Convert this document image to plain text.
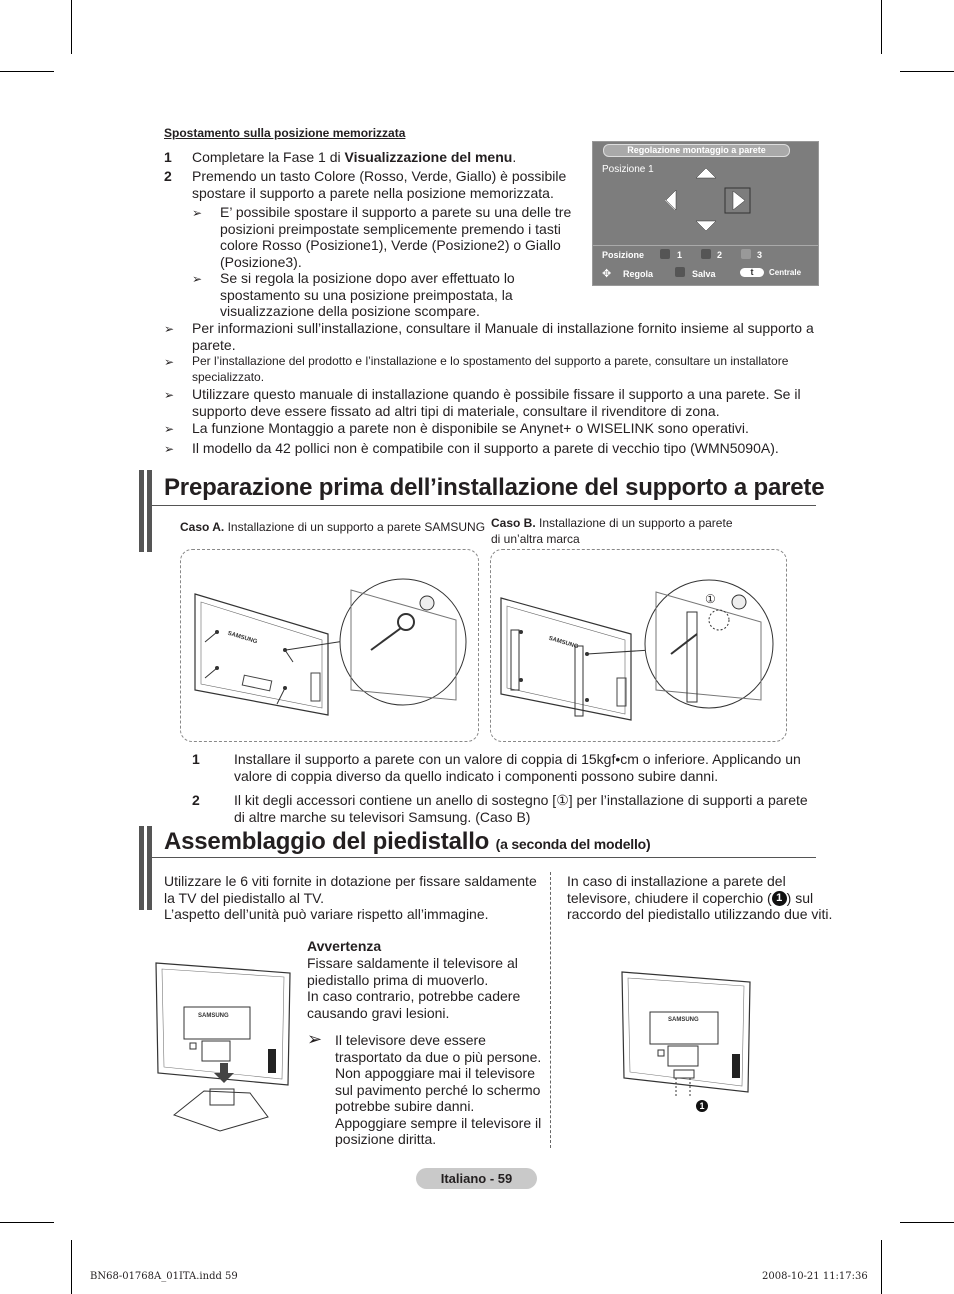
Spostamento sulla posizione memorizzata
1 Completare la Fase 1 di Visualizzazione del menu.
2 Premendo un tasto Colore (Rosso, Verde, Giallo) è possibile
spostare il supporto a parete nella posizione memorizzata.
➢ E’ possibile spostare il supporto a parete su una delle tre
posizioni preimpostate semplicemente premendo i tasti
colore Rosso (Posizione1), Verde (Posizione2) o Giallo
(Posizione3).
➢ Se si regola la posizione dopo aver effettuato lo
spostamento su una posizione preimpostata, la
visualizzazione della posizione scompare.
Regolazione montaggio a parete
Posizione 1
Posizione	1	2	3
✥ Regola	Salva	t	Centrale
➢ Per informazioni sull’installazione, consultare il Manuale di installazione fornito insieme al supporto a
parete.
➢ Per l’installazione del prodotto e l’installazione e lo spostamento del supporto a parete, consultare un installatore
specializzato.
➢ Utilizzare questo manuale di installazione quando è possibile fissare il supporto a una parete. Se il
supporto deve essere fissato ad altri tipi di materiale, consultare il rivenditore di zona.
➢ La funzione Montaggio a parete non è disponibile se Anynet+ o WISELINK sono operativi.
➢ Il modello da 42 pollici non è compatibile con il supporto a parete di vecchio tipo (WMN5090A).
Preparazione prima dell’installazione del supporto a parete
Caso A. Installazione di un supporto a parete SAMSUNG Caso B. Installazione di un supporto a parete
di un’altra marca
SAMSUNG
①
SAMSUNG
1 Installare il supporto a parete con un valore di coppia di 15kgf•cm o inferiore. Applicando un
valore di coppia diverso da quello indicato i componenti possono subire danni.
2 Il kit degli accessori contiene un anello di sostegno [①] per l’installazione di supporti a parete
di altre marche su televisori Samsung. (Caso B)
Assemblaggio del piedistallo (a seconda del modello)
Utilizzare le 6 viti fornite in dotazione per fissare saldamente
la TV del piedistallo al TV.
L’aspetto dell’unità può variare rispetto all’immagine.
In caso di installazione a parete del
televisore, chiudere il coperchio ( 1 ) sul
raccordo del piedistallo utilizzando due viti.
Avvertenza
Fissare saldamente il televisore al
piedistallo prima di muoverlo.
In caso contrario, potrebbe cadere
causando gravi lesioni.
➢ Il televisore deve essere
trasportato da due o più persone.
Non appoggiare mai il televisore
sul pavimento perché lo schermo
potrebbe subire danni.
Appoggiare sempre il televisore il
posizione diritta.
SAMSUNG
SAMSUNG
1
Italiano - 59
BN68-01768A_01ITA.indd 59	2008-10-21 11:17:36
